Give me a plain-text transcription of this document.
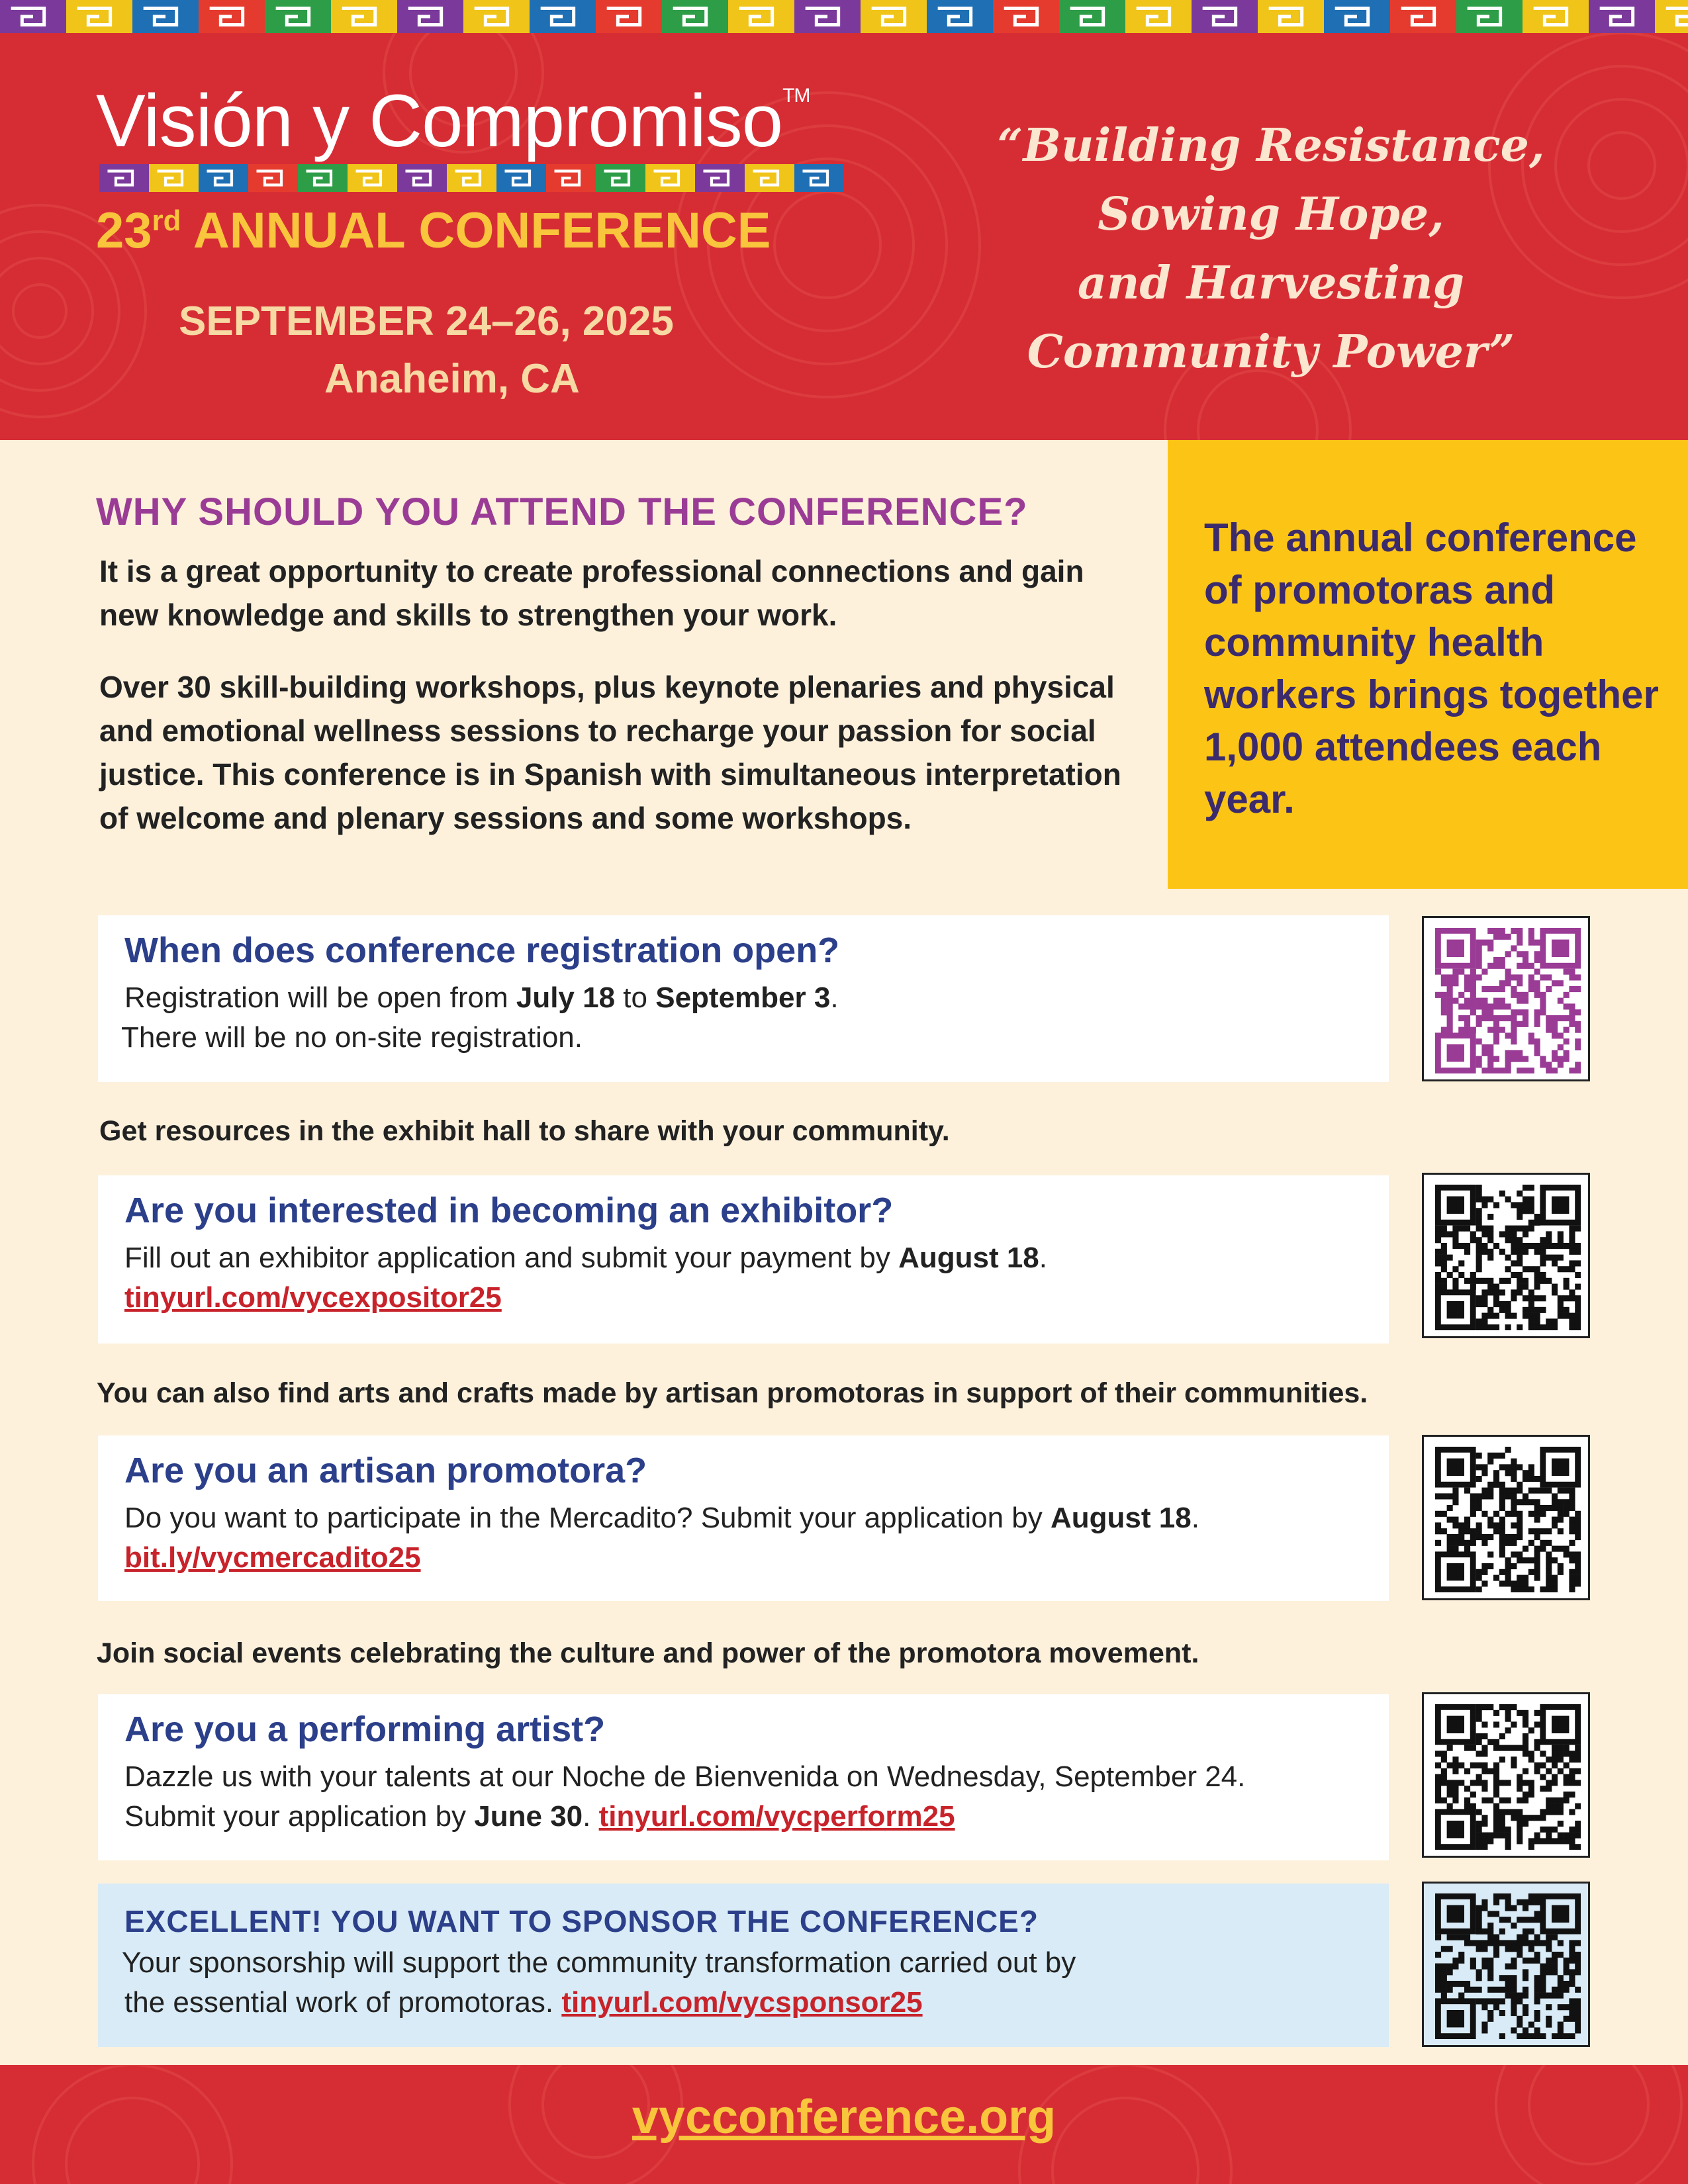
Visión y Compromiso™
23rd ANNUAL CONFERENCE
SEPTEMBER 24–26, 2025
Anaheim, CA
“Building Resistance,
Sowing Hope,
and Harvesting
Community Power”
The annual conference of promotoras and community health workers brings together 1,000 attendees each year.
WHY SHOULD YOU ATTEND THE CONFERENCE?
It is a great opportunity to create professional connections and gain new knowledge and skills to strengthen your work.
Over 30 skill-building workshops, plus keynote plenaries and physical and emotional wellness sessions to recharge your passion for social justice. This conference is in Spanish with simultaneous interpretation of welcome and plenary sessions and some workshops.
When does conference registration open?
Registration will be open from July 18 to September 3.
There will be no on-site registration.
Get resources in the exhibit hall to share with your community.
Are you interested in becoming an exhibitor?
Fill out an exhibitor application and submit your payment by August 18.
tinyurl.com/vycexpositor25
You can also find arts and crafts made by artisan promotoras in support of their communities.
Are you an artisan promotora?
Do you want to participate in the Mercadito? Submit your application by August 18.
bit.ly/vycmercadito25
Join social events celebrating the culture and power of the promotora movement.
Are you a performing artist?
Dazzle us with your talents at our Noche de Bienvenida on Wednesday, September 24.
Submit your application by June 30. tinyurl.com/vycperform25
EXCELLENT! YOU WANT TO SPONSOR THE CONFERENCE?
Your sponsorship will support the community transformation carried out by
the essential work of promotoras. tinyurl.com/vycsponsor25
vycconference.org
